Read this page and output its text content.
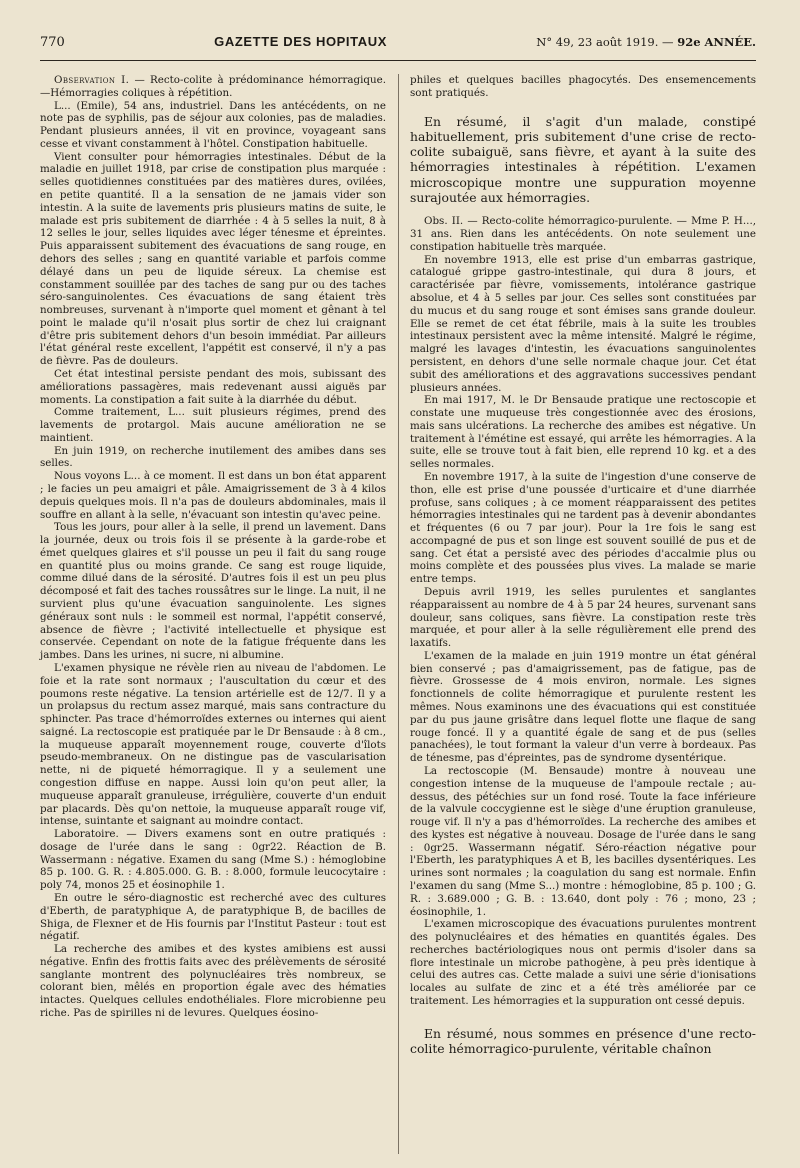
770	GAZETTE DES HOPITAUX	N° 49, 23 août 1919. — 92e ANNÉE.

Observation I. — Recto-colite à prédominance hémorragique. —Hémorragies coliques à répétition.

L... (Emile), 54 ans, industriel. Dans les antécédents, on ne note pas de syphilis, pas de séjour aux colonies, pas de maladies. Pendant plusieurs années, il vit en province, voyageant sans cesse et vivant constamment à l'hôtel. Constipation habituelle.

Vient consulter pour hémorragies intestinales. Début de la maladie en juillet 1918, par crise de constipation plus marquée : selles quotidiennes constituées par des matières dures, ovilées, en petite quantité. Il a la sensation de ne jamais vider son intestin. A la suite de lavements pris plusieurs matins de suite, le malade est pris subitement de diarrhée : 4 à 5 selles la nuit, 8 à 12 selles le jour, selles liquides avec léger ténesme et épreintes. Puis apparaissent subitement des évacuations de sang rouge, en dehors des selles ; sang en quantité variable et parfois comme délayé dans un peu de liquide séreux. La chemise est constamment souillée par des taches de sang pur ou des taches séro-sanguinolentes. Ces évacuations de sang étaient très nombreuses, survenant à n'importe quel moment et gênant à tel point le malade qu'il n'osait plus sortir de chez lui craignant d'être pris subitement dehors d'un besoin immédiat. Par ailleurs l'état général reste excellent, l'appétit est conservé, il n'y a pas de fièvre. Pas de douleurs.

Cet état intestinal persiste pendant des mois, subissant des améliorations passagères, mais redevenant aussi aiguës par moments. La constipation a fait suite à la diarrhée du début.

Comme traitement, L... suit plusieurs régimes, prend des lavements de protargol. Mais aucune amélioration ne se maintient.

En juin 1919, on recherche inutilement des amibes dans ses selles.

Nous voyons L... à ce moment. Il est dans un bon état apparent ; le facies un peu amaigri et pâle. Amaigrissement de 3 à 4 kilos depuis quelques mois. Il n'a pas de douleurs abdominales, mais il souffre en allant à la selle, n'évacuant son intestin qu'avec peine.

Tous les jours, pour aller à la selle, il prend un lavement. Dans la journée, deux ou trois fois il se présente à la garde-robe et émet quelques glaires et s'il pousse un peu il fait du sang rouge en quantité plus ou moins grande. Ce sang est rouge liquide, comme dilué dans de la sérosité. D'autres fois il est un peu plus décomposé et fait des taches roussâtres sur le linge. La nuit, il ne survient plus qu'une évacuation sanguinolente. Les signes généraux sont nuls : le sommeil est normal, l'appétit conservé, absence de fièvre ; l'activité intellectuelle et physique est conservée. Cependant on note de la fatigue fréquente dans les jambes. Dans les urines, ni sucre, ni albumine.

L'examen physique ne révèle rien au niveau de l'abdomen. Le foie et la rate sont normaux ; l'auscultation du cœur et des poumons reste négative. La tension artérielle est de 12/7. Il y a un prolapsus du rectum assez marqué, mais sans contracture du sphincter. Pas trace d'hémorroïdes externes ou internes qui aient saigné. La rectoscopie est pratiquée par le Dr Bensaude : à 8 cm., la muqueuse apparaît moyennement rouge, couverte d'îlots pseudo-membraneux. On ne distingue pas de vascularisation nette, ni de piqueté hémorragique. Il y a seulement une congestion diffuse en nappe. Aussi loin qu'on peut aller, la muqueuse apparaît granuleuse, irrégulière, couverte d'un enduit par placards. Dès qu'on nettoie, la muqueuse apparaît rouge vif, intense, suintante et saignant au moindre contact.

Laboratoire. — Divers examens sont en outre pratiqués : dosage de l'urée dans le sang : 0gr22. Réaction de B. Wassermann : négative. Examen du sang (Mme S.) : hémoglobine 85 p. 100. G. R. : 4.805.000. G. B. : 8.000, formule leucocytaire : poly 74, monos 25 et éosinophile 1.

En outre le séro-diagnostic est recherché avec des cultures d'Eberth, de paratyphique A, de paratyphique B, de bacilles de Shiga, de Flexner et de His fournis par l'Institut Pasteur : tout est négatif.

La recherche des amibes et des kystes amibiens est aussi négative. Enfin des frottis faits avec des prélèvements de sérosité sanglante montrent des polynucléaires très nombreux, se colorant bien, mêlés en proportion égale avec des hématies intactes. Quelques cellules endothéliales. Flore microbienne peu riche. Pas de spirilles ni de levures. Quelques éosino-

philes et quelques bacilles phagocytés. Des ensemencements sont pratiqués.

En résumé, il s'agit d'un malade, constipé habituellement, pris subitement d'une crise de recto-colite subaiguë, sans fièvre, et ayant à la suite des hémorragies intestinales à répétition. L'examen microscopique montre une suppuration moyenne surajoutée aux hémorragies.

Obs. II. — Recto-colite hémorragico-purulente. — Mme P. H..., 31 ans. Rien dans les antécédents. On note seulement une constipation habituelle très marquée.

En novembre 1913, elle est prise d'un embarras gastrique, catalogué grippe gastro-intestinale, qui dura 8 jours, et caractérisée par fièvre, vomissements, intolérance gastrique absolue, et 4 à 5 selles par jour. Ces selles sont constituées par du mucus et du sang rouge et sont émises sans grande douleur. Elle se remet de cet état fébrile, mais à la suite les troubles intestinaux persistent avec la même intensité. Malgré le régime, malgré les lavages d'intestin, les évacuations sanguinolentes persistent, en dehors d'une selle normale chaque jour. Cet état subit des améliorations et des aggravations successives pendant plusieurs années.

En mai 1917, M. le Dr Bensaude pratique une rectoscopie et constate une muqueuse très congestionnée avec des érosions, mais sans ulcérations. La recherche des amibes est négative. Un traitement à l'émétine est essayé, qui arrête les hémorragies. A la suite, elle se trouve tout à fait bien, elle reprend 10 kg. et a des selles normales.

En novembre 1917, à la suite de l'ingestion d'une conserve de thon, elle est prise d'une poussée d'urticaire et d'une diarrhée profuse, sans coliques ; à ce moment réapparaissent des petites hémorragies intestinales qui ne tardent pas à devenir abondantes et fréquentes (6 ou 7 par jour). Pour la 1re fois le sang est accompagné de pus et son linge est souvent souillé de pus et de sang. Cet état a persisté avec des périodes d'accalmie plus ou moins complète et des poussées plus vives. La malade se marie entre temps.

Depuis avril 1919, les selles purulentes et sanglantes réapparaissent au nombre de 4 à 5 par 24 heures, survenant sans douleur, sans coliques, sans fièvre. La constipation reste très marquée, et pour aller à la selle régulièrement elle prend des laxatifs.

L'examen de la malade en juin 1919 montre un état général bien conservé ; pas d'amaigrissement, pas de fatigue, pas de fièvre. Grossesse de 4 mois environ, normale. Les signes fonctionnels de colite hémorragique et purulente restent les mêmes. Nous examinons une des évacuations qui est constituée par du pus jaune grisâtre dans lequel flotte une flaque de sang rouge foncé. Il y a quantité égale de sang et de pus (selles panachées), le tout formant la valeur d'un verre à bordeaux. Pas de ténesme, pas d'épreintes, pas de syndrome dysentérique.

La rectoscopie (M. Bensaude) montre à nouveau une congestion intense de la muqueuse de l'ampoule rectale ; au-dessus, des pétéchies sur un fond rosé. Toute la face inférieure de la valvule coccygienne est le siège d'une éruption granuleuse, rouge vif. Il n'y a pas d'hémorroïdes. La recherche des amibes et des kystes est négative à nouveau. Dosage de l'urée dans le sang : 0gr25. Wassermann négatif. Séro-réaction négative pour l'Eberth, les paratyphiques A et B, les bacilles dysentériques. Les urines sont normales ; la coagulation du sang est normale. Enfin l'examen du sang (Mme S...) montre : hémoglobine, 85 p. 100 ; G. R. : 3.689.000 ; G. B. : 13.640, dont poly : 76 ; mono, 23 ; éosinophile, 1.

L'examen microscopique des évacuations purulentes montrent des polynucléaires et des hématies en quantités égales. Des recherches bactériologiques nous ont permis d'isoler dans sa flore intestinale un microbe pathogène, à peu près identique à celui des autres cas. Cette malade a suivi une série d'ionisations locales au sulfate de zinc et a été très améliorée par ce traitement. Les hémorragies et la suppuration ont cessé depuis.

En résumé, nous sommes en présence d'une recto-colite hémorragico-purulente, véritable chaînon
